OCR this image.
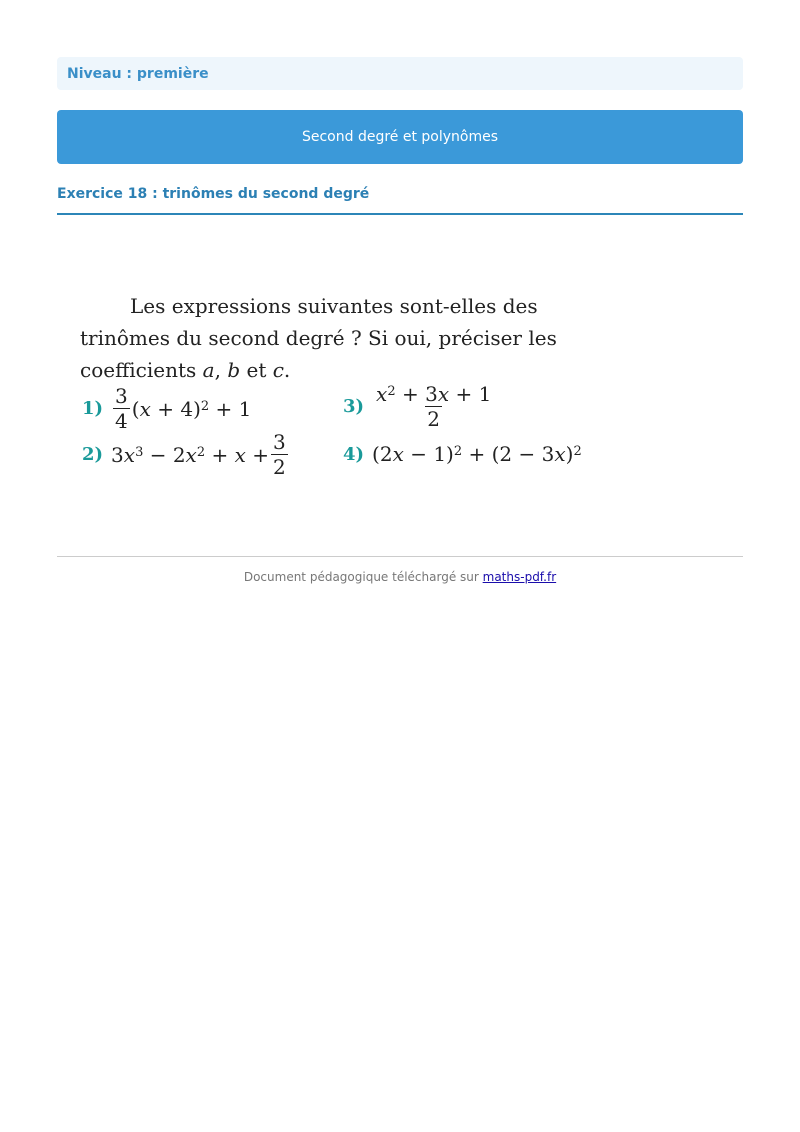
Niveau : première
Second degré et polynômes
Exercice 18 : trinômes du second degré

Les expressions suivantes sont-elles des trinômes du second degré ? Si oui, préciser les coefficients a, b et c.

$1) \frac{3}{4} (x + 4)^2 + 1$
2) $3x^3 - 2x^2 + x + \frac{3}{2}$
$3) \frac{x^2 + 3x + 1}{2}$
4) $(2x - 1)^2 + (2 - 3x)^2$
Document pédagogique téléchargé sur maths-pdf.fr
